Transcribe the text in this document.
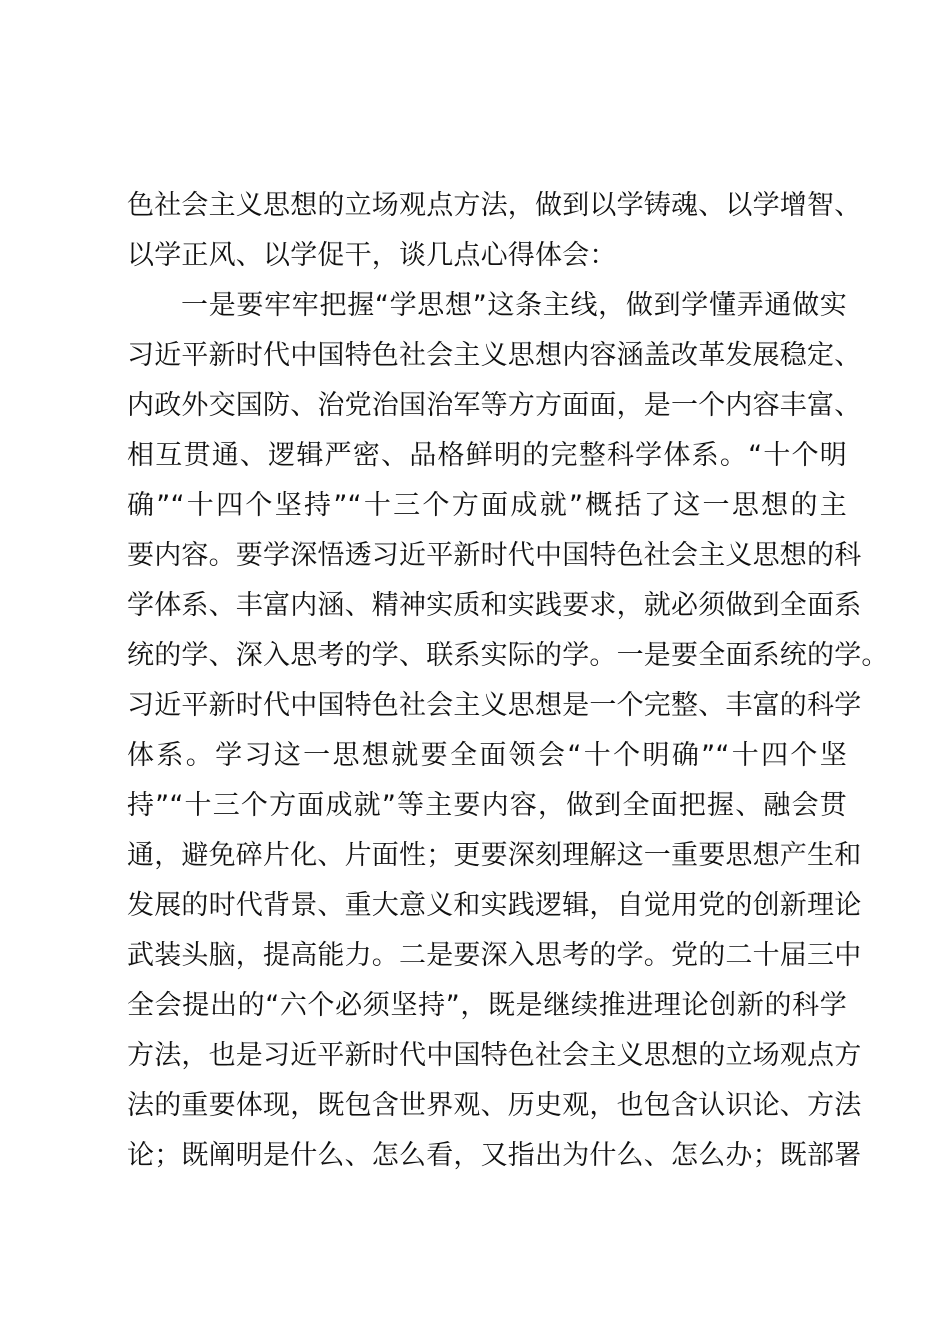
色社会主义思想的立场观点方法，做到以学铸魂、以学增智、
以学正风、以学促干，谈几点心得体会：
一是要牢牢把握“学思想”这条主线，做到学懂弄通做实
习近平新时代中国特色社会主义思想内容涵盖改革发展稳定、
内政外交国防、治党治国治军等方方面面，是一个内容丰富、
相互贯通、逻辑严密、品格鲜明的完整科学体系。“十个明
确”“十四个坚持”“十三个方面成就”概括了这一思想的主
要内容。要学深悟透习近平新时代中国特色社会主义思想的科
学体系、丰富内涵、精神实质和实践要求，就必须做到全面系
统的学、深入思考的学、联系实际的学。一是要全面系统的学。
习近平新时代中国特色社会主义思想是一个完整、丰富的科学
体系。学习这一思想就要全面领会“十个明确”“十四个坚
持”“十三个方面成就”等主要内容，做到全面把握、融会贯
通，避免碎片化、片面性；更要深刻理解这一重要思想产生和
发展的时代背景、重大意义和实践逻辑，自觉用党的创新理论
武装头脑，提高能力。二是要深入思考的学。党的二十届三中
全会提出的“六个必须坚持”，既是继续推进理论创新的科学
方法，也是习近平新时代中国特色社会主义思想的立场观点方
法的重要体现，既包含世界观、历史观，也包含认识论、方法
论；既阐明是什么、怎么看，又指出为什么、怎么办；既部署
